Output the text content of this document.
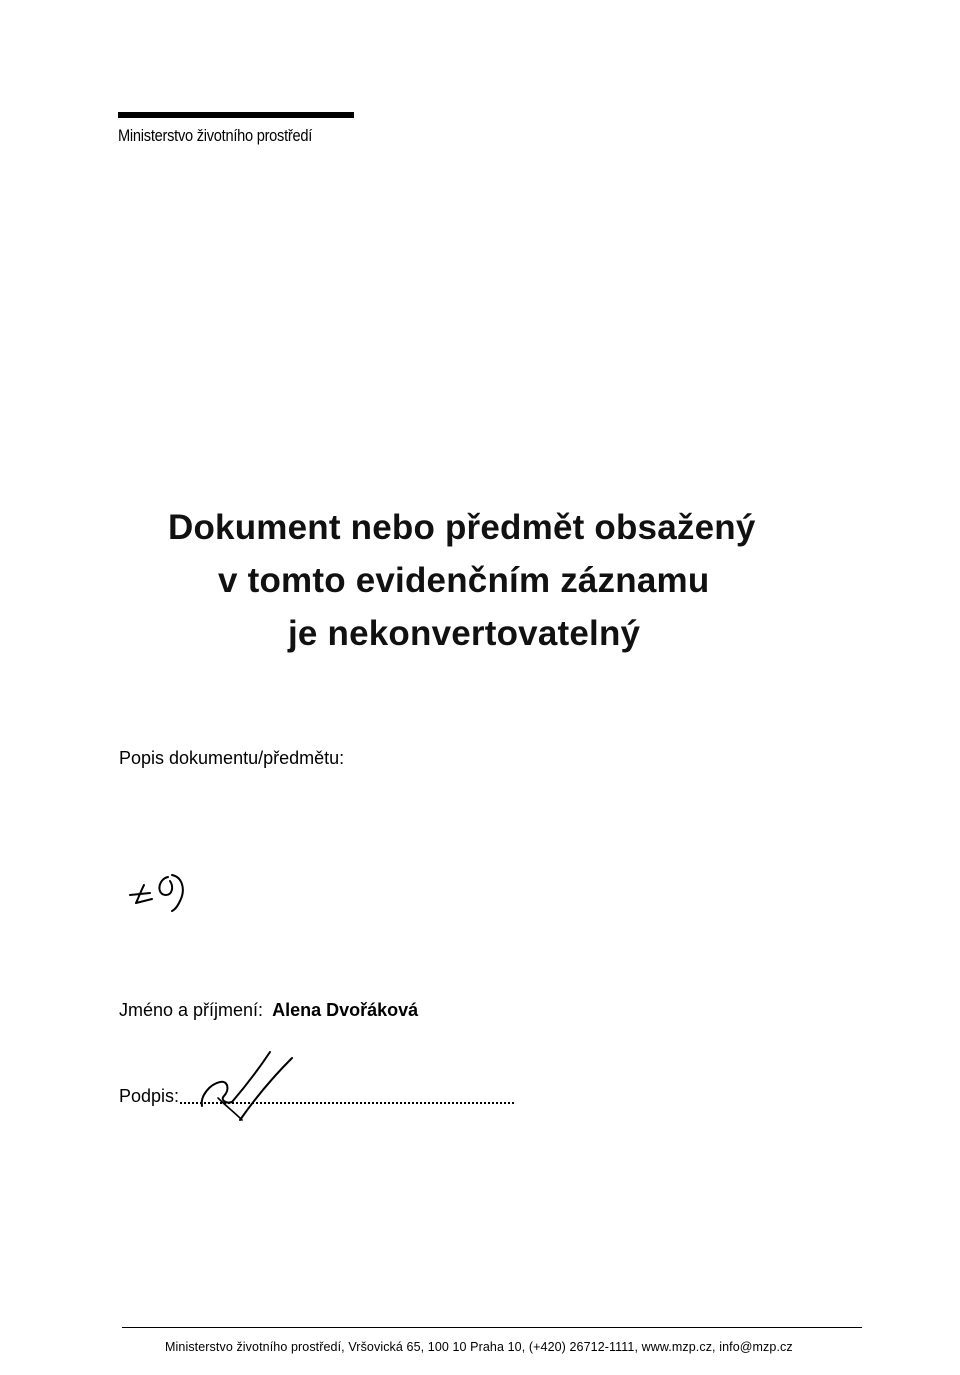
Ministerstvo životního prostředí
Dokument nebo předmět obsažený
v tomto evidenčním záznamu
je nekonvertovatelný
Popis dokumentu/předmětu:
Jméno a příjmení: Alena Dvořáková
Podpis:
Ministerstvo životního prostředí, Vršovická 65, 100 10 Praha 10, (+420) 26712-1111, www.mzp.cz, info@mzp.cz
